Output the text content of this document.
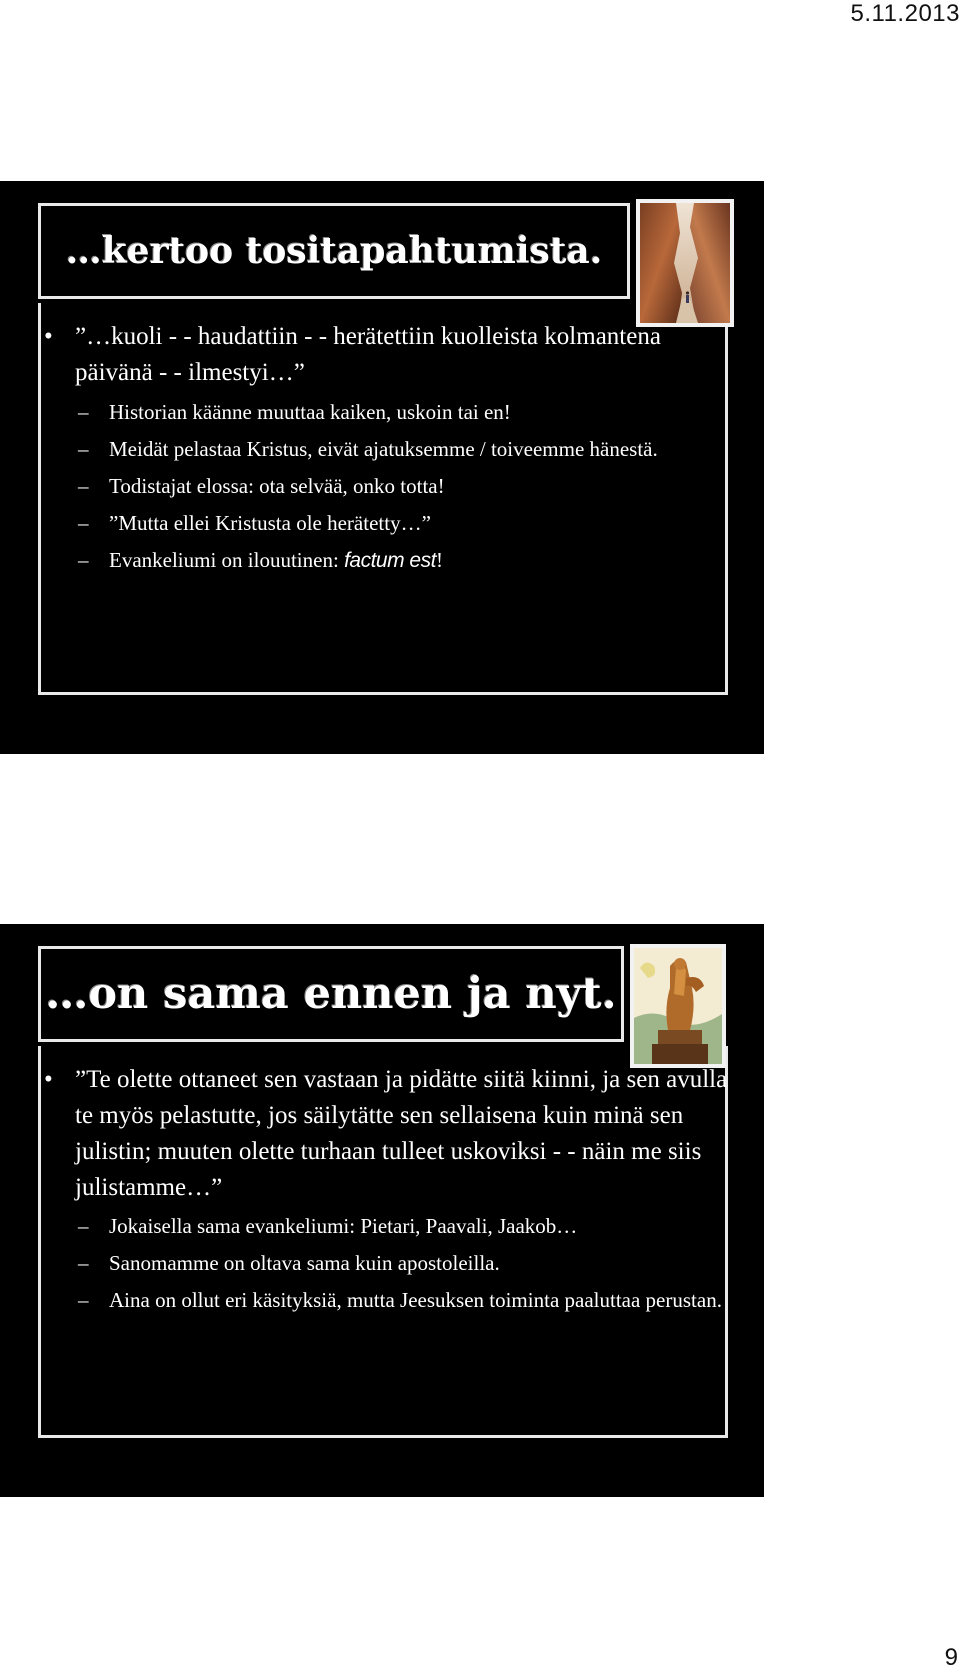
5.11.2013
…kertoo tositapahtumista.
• ”…kuoli - - haudattiin - - herätettiin kuolleista kolmantena päivänä - - ilmestyi…”
– Historian käänne muuttaa kaiken, uskoin tai en!
– Meidät pelastaa Kristus, eivät ajatuksemme / toiveemme hänestä.
– Todistajat elossa: ota selvää, onko totta!
– ”Mutta ellei Kristusta ole herätetty…”
– Evankeliumi on ilouutinen: factum est!
…on sama ennen ja nyt.
• ”Te olette ottaneet sen vastaan ja pidätte siitä kiinni, ja sen avulla te myös pelastutte, jos säilytätte sen sellaisena kuin minä sen julistin; muuten olette turhaan tulleet uskoviksi - - näin me siis julistamme…”
– Jokaisella sama evankeliumi: Pietari, Paavali, Jaakob…
– Sanomamme on oltava sama kuin apostoleilla.
– Aina on ollut eri käsityksiä, mutta Jeesuksen toiminta paaluttaa perustan.
9
